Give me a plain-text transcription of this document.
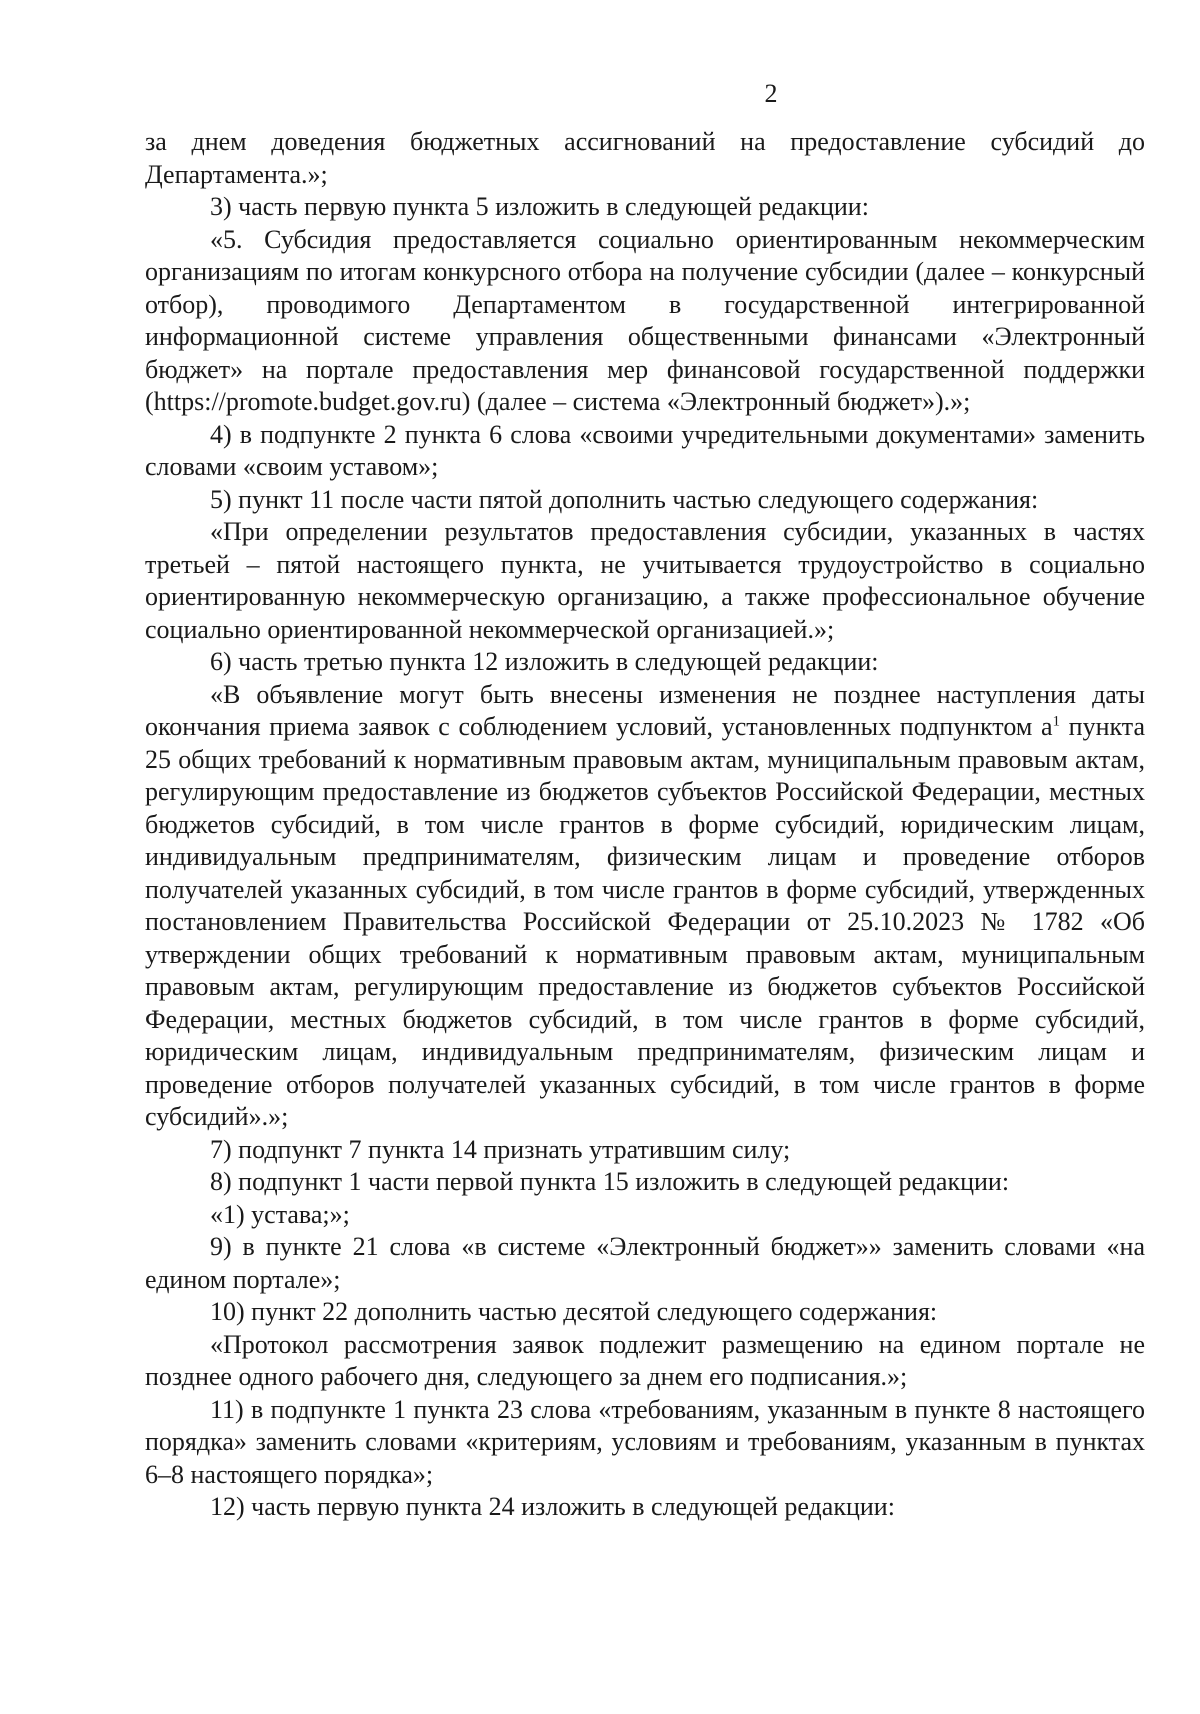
2

за днем доведения бюджетных ассигнований на предоставление субсидий до Департамента.»;

3) часть первую пункта 5 изложить в следующей редакции:

«5. Субсидия предоставляется социально ориентированным некоммерческим организациям по итогам конкурсного отбора на получение субсидии (далее – конкурсный отбор), проводимого Департаментом в государственной интегрированной информационной системе управления общественными финансами «Электронный бюджет» на портале предоставления мер финансовой государственной поддержки (https://promote.budget.gov.ru) (далее – система «Электронный бюджет»).»;

4) в подпункте 2 пункта 6 слова «своими учредительными документами» заменить словами «своим уставом»;

5) пункт 11 после части пятой дополнить частью следующего содержания:

«При определении результатов предоставления субсидии, указанных в частях третьей – пятой настоящего пункта, не учитывается трудоустройство в социально ориентированную некоммерческую организацию, а также профессиональное обучение социально ориентированной некоммерческой организацией.»;

6) часть третью пункта 12 изложить в следующей редакции:

«В объявление могут быть внесены изменения не позднее наступления даты окончания приема заявок с соблюдением условий, установленных подпунктом $а^1$ пункта 25 общих требований к нормативным правовым актам, муниципальным правовым актам, регулирующим предоставление из бюджетов субъектов Российской Федерации, местных бюджетов субсидий, в том числе грантов в форме субсидий, юридическим лицам, индивидуальным предпринимателям, физическим лицам и проведение отборов получателей указанных субсидий, в том числе грантов в форме субсидий, утвержденных постановлением Правительства Российской Федерации от 25.10.2023 № 1782 «Об утверждении общих требований к нормативным правовым актам, муниципальным правовым актам, регулирующим предоставление из бюджетов субъектов Российской Федерации, местных бюджетов субсидий, в том числе грантов в форме субсидий, юридическим лицам, индивидуальным предпринимателям, физическим лицам и проведение отборов получателей указанных субсидий, в том числе грантов в форме субсидий».»;

7) подпункт 7 пункта 14 признать утратившим силу;

8) подпункт 1 части первой пункта 15 изложить в следующей редакции:

«1) устава;»;

9) в пункте 21 слова «в системе «Электронный бюджет»» заменить словами «на едином портале»;

10) пункт 22 дополнить частью десятой следующего содержания:

«Протокол рассмотрения заявок подлежит размещению на едином портале не позднее одного рабочего дня, следующего за днем его подписания.»;

11) в подпункте 1 пункта 23 слова «требованиям, указанным в пункте 8 настоящего порядка» заменить словами «критериям, условиям и требованиям, указанным в пунктах 6–8 настоящего порядка»;

12) часть первую пункта 24 изложить в следующей редакции:
